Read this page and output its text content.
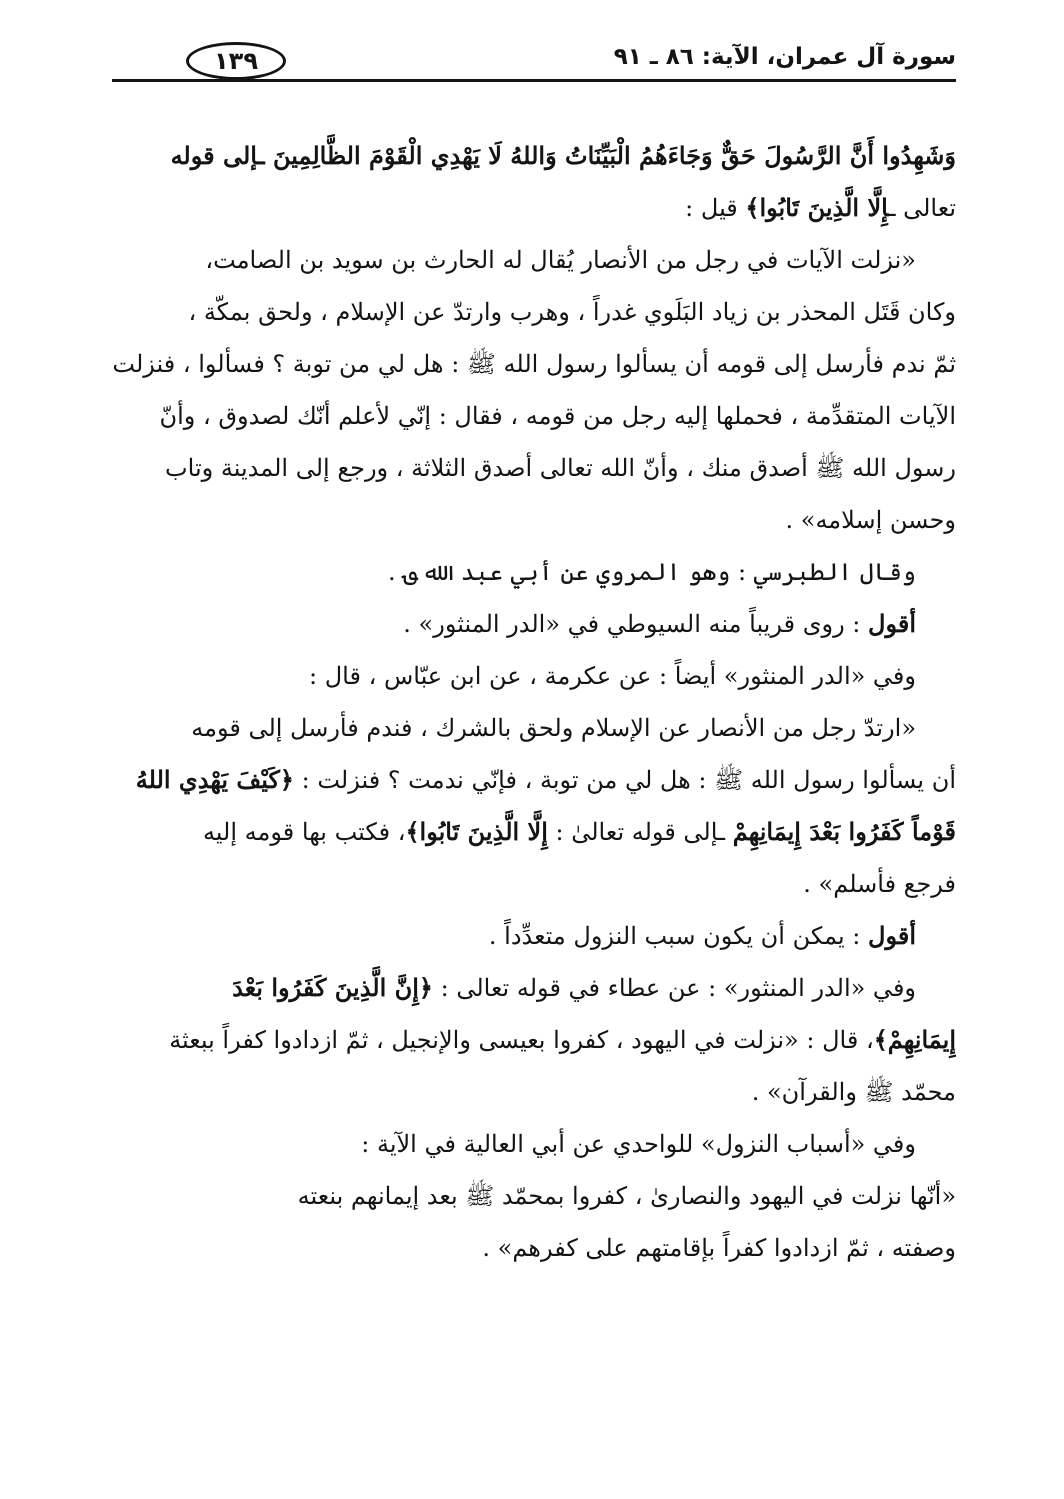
سورة آل عمران، الآية: ٨٦ ـ ٩١
١٣٩
وَشَهِدُوا أَنَّ الرَّسُولَ حَقٌّ وَجَاءَهُمُ الْبَيِّنَاتُ وَاللهُ لَا يَهْدِي الْقَوْمَ الظَّالِمِينَ ـإلى قوله
تعالى ـإِلَّا الَّذِينَ تَابُوا﴾ قيل :
«نزلت الآيات في رجل من الأنصار يُقال له الحارث بن سويد بن الصامت،
وكان قَتَل المحذر بن زياد البَلَوي غدراً ، وهرب وارتدّ عن الإسلام ، ولحق بمكّة ،
ثمّ ندم فأرسل إلى قومه أن يسألوا رسول الله ﷺ : هل لي من توبة ؟ فسألوا ، فنزلت
الآيات المتقدِّمة ، فحملها إليه رجل من قومه ، فقال : إنّي لأعلم أنّك لصدوق ، وأنّ
رسول الله ﷺ أصدق منك ، وأنّ الله تعالى أصدق الثلاثة ، ورجع إلى المدينة وتاب
وحسن إسلامه» .
وقال الطبرسي : وهو المروي عن أبي عبد الله ؈ .
أقول : روى قريباً منه السيوطي في «الدر المنثور» .
وفي «الدر المنثور» أيضاً : عن عكرمة ، عن ابن عبّاس ، قال :
«ارتدّ رجل من الأنصار عن الإسلام ولحق بالشرك ، فندم فأرسل إلى قومه
أن يسألوا رسول الله ﷺ : هل لي من توبة ، فإنّي ندمت ؟ فنزلت : ﴿كَيْفَ يَهْدِي اللهُ
قَوْماً كَفَرُوا بَعْدَ إِيمَانِهِمْ ـإلى قوله تعالىٰ : إِلَّا الَّذِينَ تَابُوا﴾، فكتب بها قومه إليه
فرجع فأسلم» .
أقول : يمكن أن يكون سبب النزول متعدِّداً .
وفي «الدر المنثور» : عن عطاء في قوله تعالى : ﴿إِنَّ الَّذِينَ كَفَرُوا بَعْدَ
إِيمَانِهِمْ﴾، قال : «نزلت في اليهود ، كفروا بعيسى والإنجيل ، ثمّ ازدادوا كفراً ببعثة
محمّد ﷺ والقرآن» .
وفي «أسباب النزول» للواحدي عن أبي العالية في الآية :
«أنّها نزلت في اليهود والنصارىٰ ، كفروا بمحمّد ﷺ بعد إيمانهم بنعته
وصفته ، ثمّ ازدادوا كفراً بإقامتهم على كفرهم» .
